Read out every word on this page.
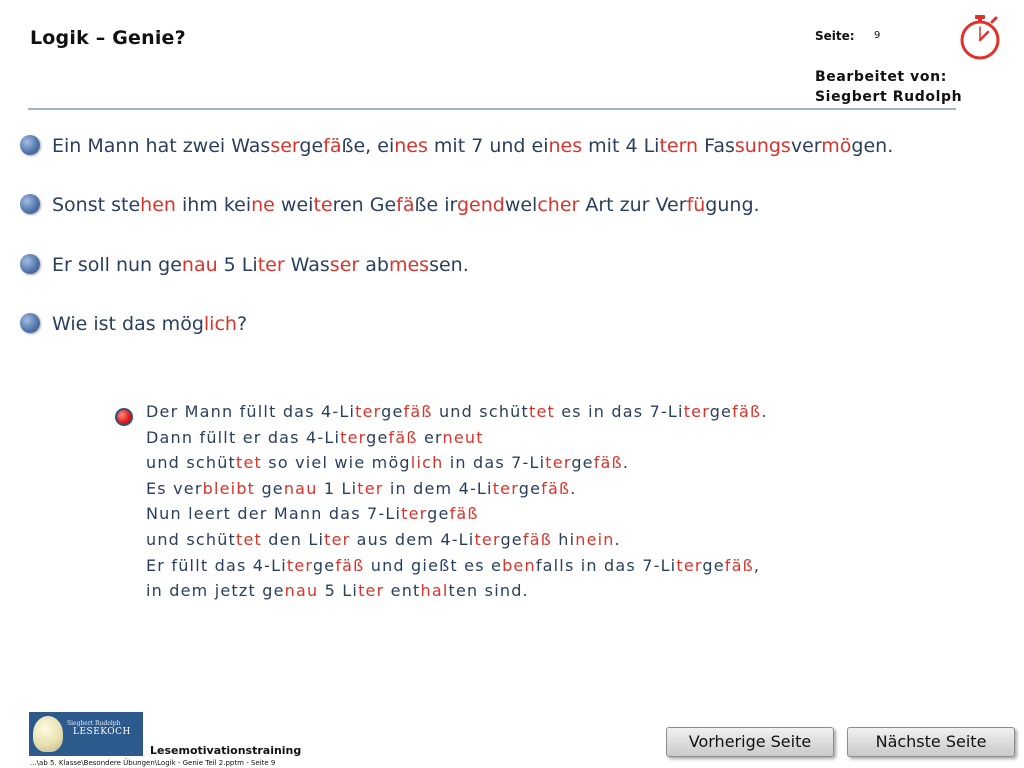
Logik – Genie?	Seite: 9
Bearbeitet von:
Siegbert Rudolph
Ein Mann hat zwei Wassergefäße, eines mit 7 und eines mit 4 Litern Fassungsvermögen.
Sonst stehen ihm keine weiteren Gefäße irgendwelcher Art zur Verfügung.
Er soll nun genau 5 Liter Wasser abmessen.
Wie ist das möglich?
Der Mann füllt das 4-Litergefäß und schüttet es in das 7-Litergefäß.
Dann füllt er das 4-Litergefäß erneut
und schüttet so viel wie möglich in das 7-Litergefäß.
Es verbleibt genau 1 Liter in dem 4-Litergefäß.
Nun leert der Mann das 7-Litergefäß
und schüttet den Liter aus dem 4-Litergefäß hinein.
Er füllt das 4-Litergefäß und gießt es ebenfalls in das 7-Litergefäß,
in dem jetzt genau 5 Liter enthalten sind.
Siegbert Rudolph
LESEKOCH
Lesemotivationstraining
...\ab 5. Klasse\Besondere Übungen\Logik - Genie Teil 2.pptm - Seite 9
Vorherige Seite	Nächste Seite
